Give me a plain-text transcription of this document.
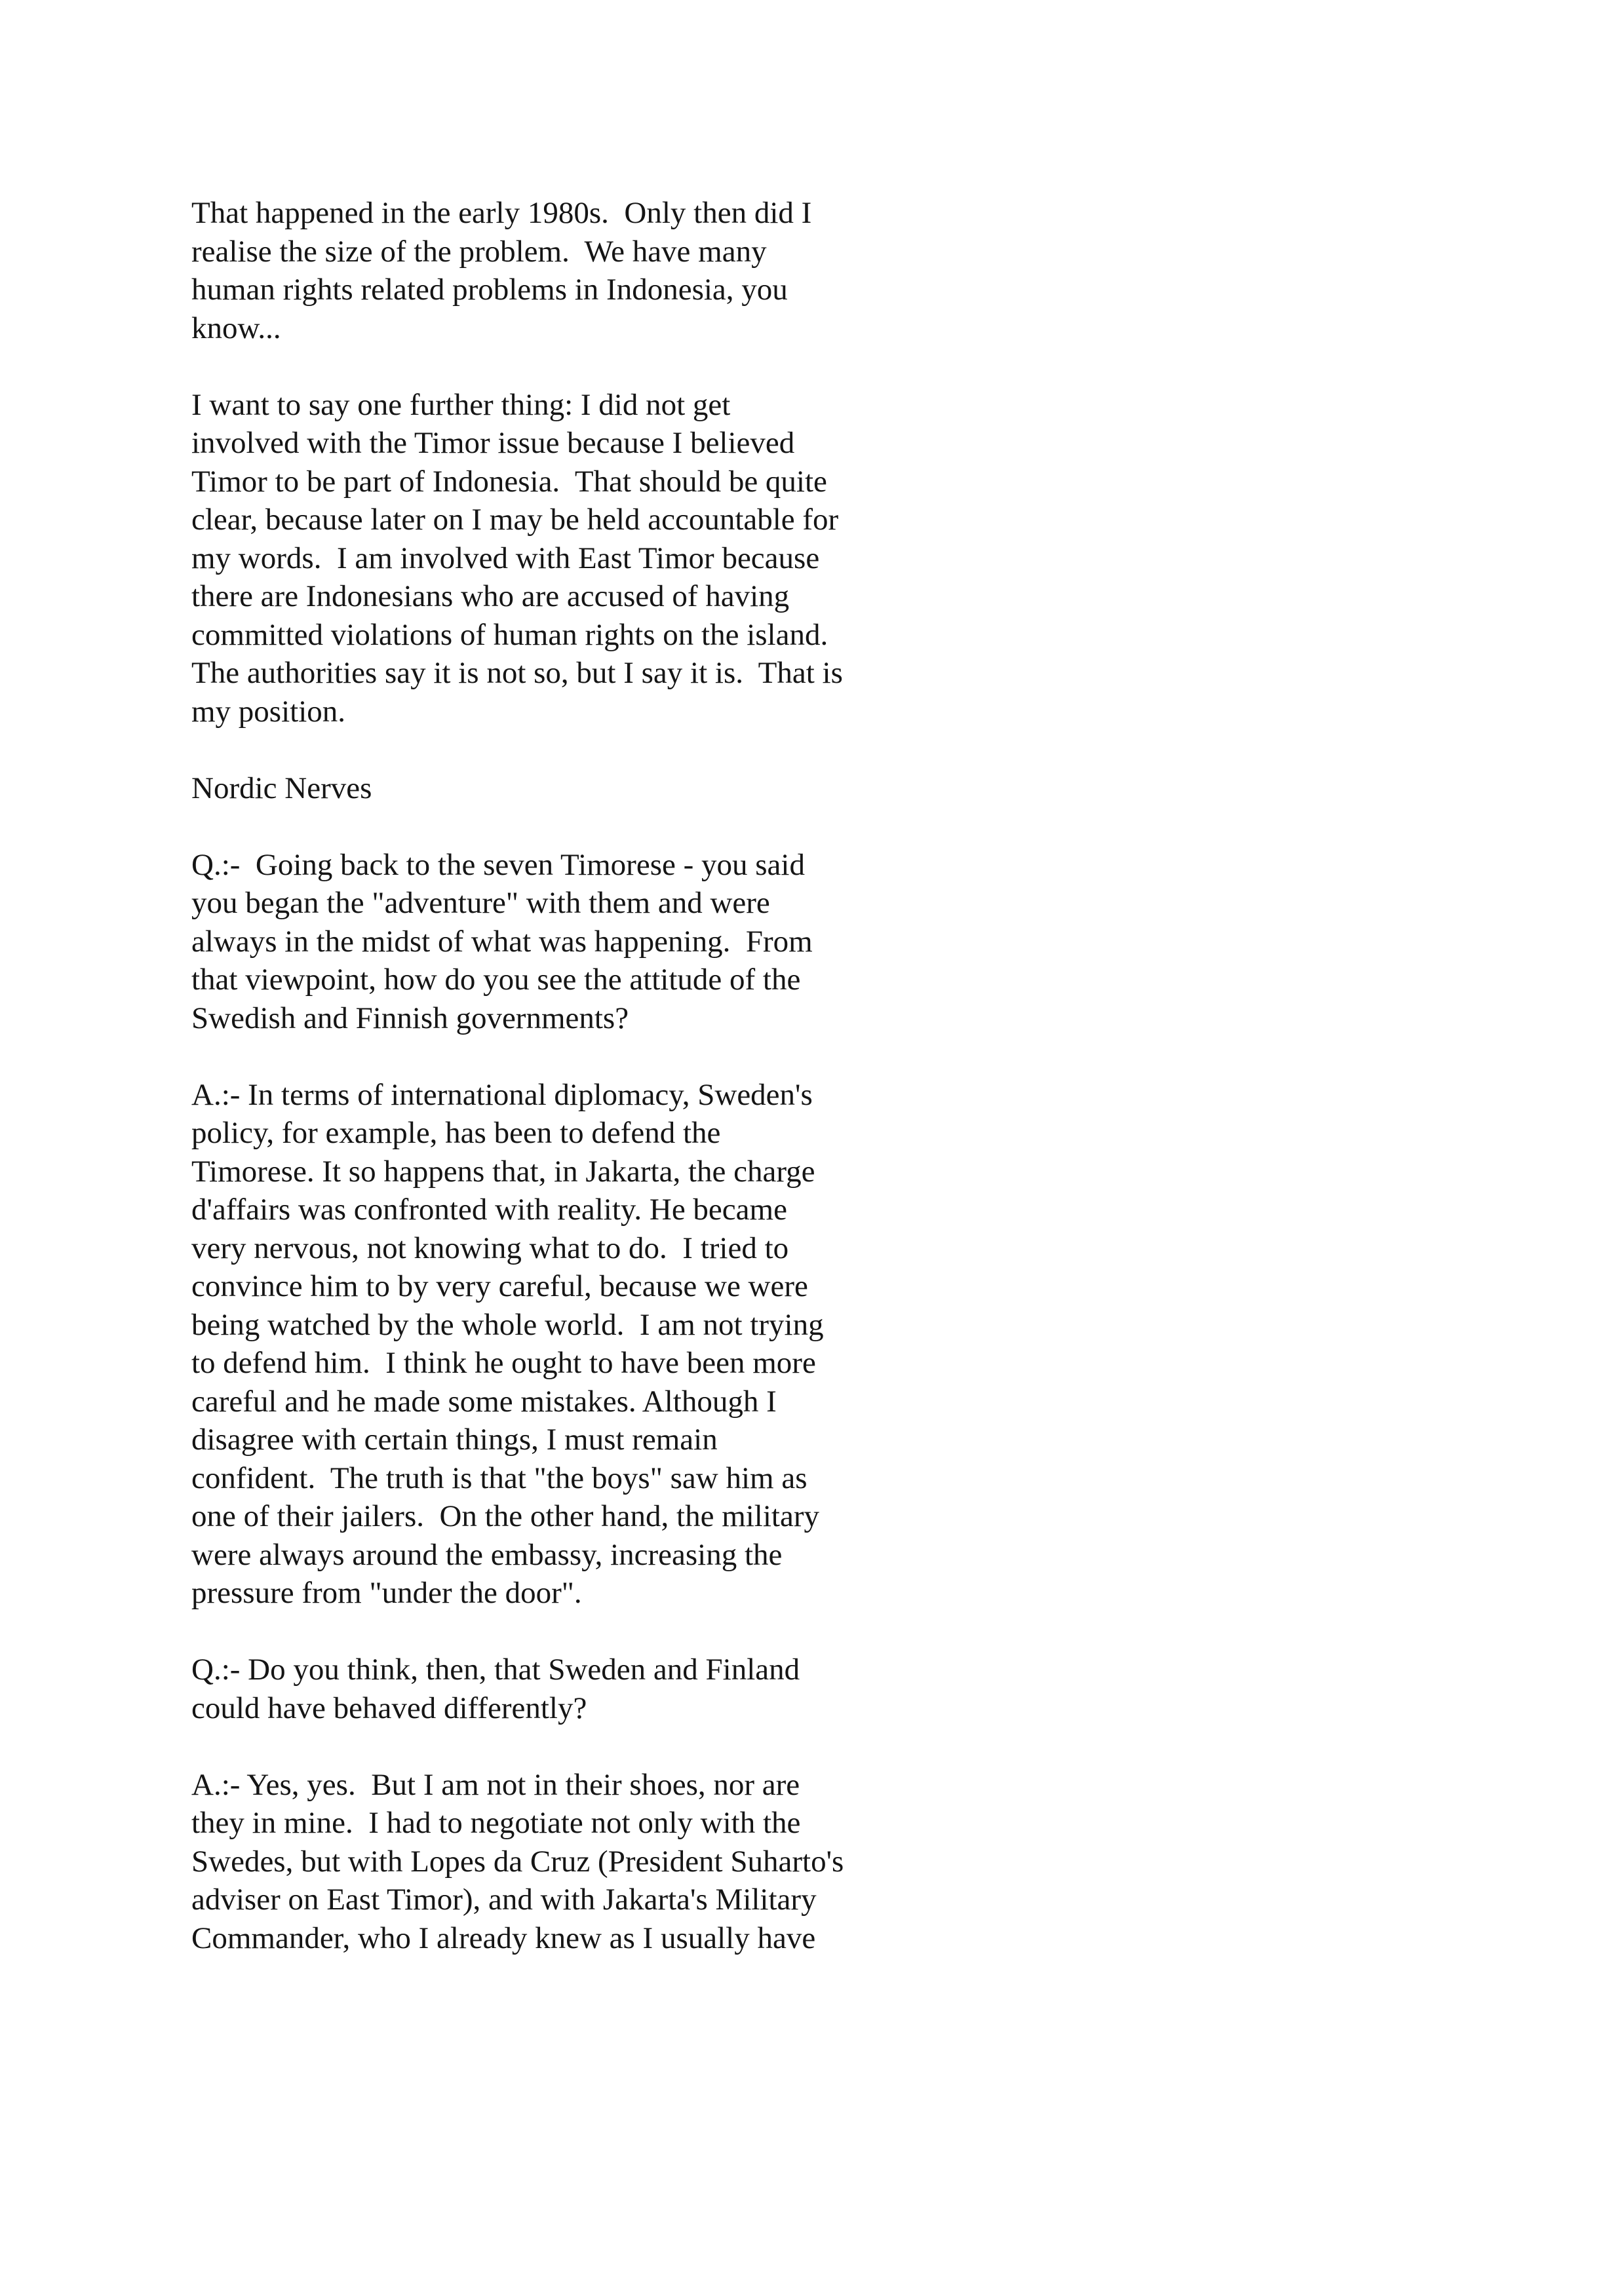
That happened in the early 1980s.  Only then did I
realise the size of the problem.  We have many
human rights related problems in Indonesia, you
know...
I want to say one further thing: I did not get
involved with the Timor issue because I believed
Timor to be part of Indonesia.  That should be quite
clear, because later on I may be held accountable for
my words.  I am involved with East Timor because
there are Indonesians who are accused of having
committed violations of human rights on the island.
The authorities say it is not so, but I say it is.  That is
my position.
Nordic Nerves
Q.:-  Going back to the seven Timorese - you said
you began the "adventure" with them and were
always in the midst of what was happening.  From
that viewpoint, how do you see the attitude of the
Swedish and Finnish governments?
A.:- In terms of international diplomacy, Sweden's
policy, for example, has been to defend the
Timorese. It so happens that, in Jakarta, the charge
d'affairs was confronted with reality. He became
very nervous, not knowing what to do.  I tried to
convince him to by very careful, because we were
being watched by the whole world.  I am not trying
to defend him.  I think he ought to have been more
careful and he made some mistakes. Although I
disagree with certain things, I must remain
confident.  The truth is that "the boys" saw him as
one of their jailers.  On the other hand, the military
were always around the embassy, increasing the
pressure from "under the door".
Q.:- Do you think, then, that Sweden and Finland
could have behaved differently?
A.:- Yes, yes.  But I am not in their shoes, nor are
they in mine.  I had to negotiate not only with the
Swedes, but with Lopes da Cruz (President Suharto's
adviser on East Timor), and with Jakarta's Military
Commander, who I already knew as I usually have
